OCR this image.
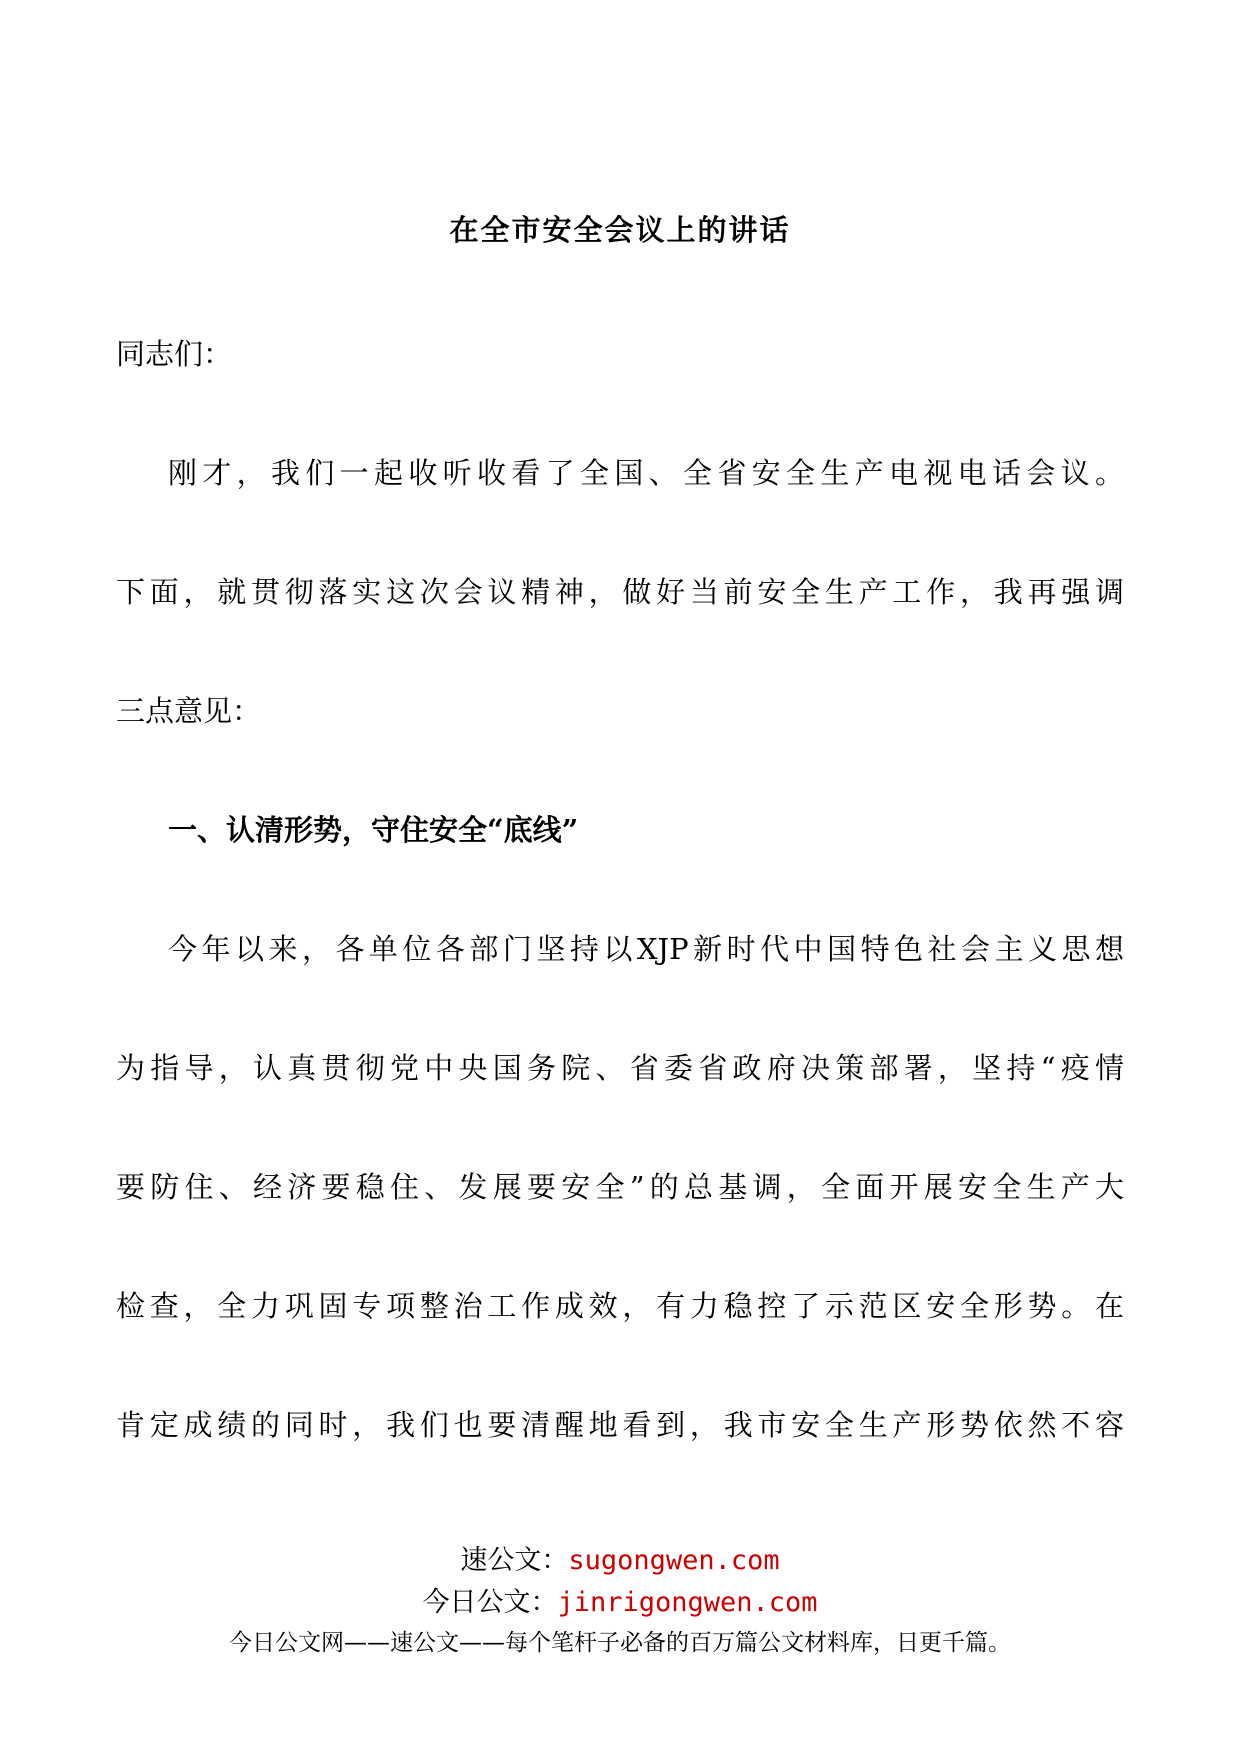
在全市安全会议上的讲话
同志们：
刚才，我们一起收听收看了全国、全省安全生产电视电话会议。
下面，就贯彻落实这次会议精神，做好当前安全生产工作，我再强调
三点意见：
一、认清形势，守住安全“底线”
今年以来，各单位各部门坚持以XJP新时代中国特色社会主义思想
为指导，认真贯彻党中央国务院、省委省政府决策部署，坚持“疫情
要防住、经济要稳住、发展要安全”的总基调，全面开展安全生产大
检查，全力巩固专项整治工作成效，有力稳控了示范区安全形势。在
肯定成绩的同时，我们也要清醒地看到，我市安全生产形势依然不容
速公文：sugongwen.com
今日公文：jinrigongwen.com
今日公文网——速公文——每个笔杆子必备的百万篇公文材料库，日更千篇。
